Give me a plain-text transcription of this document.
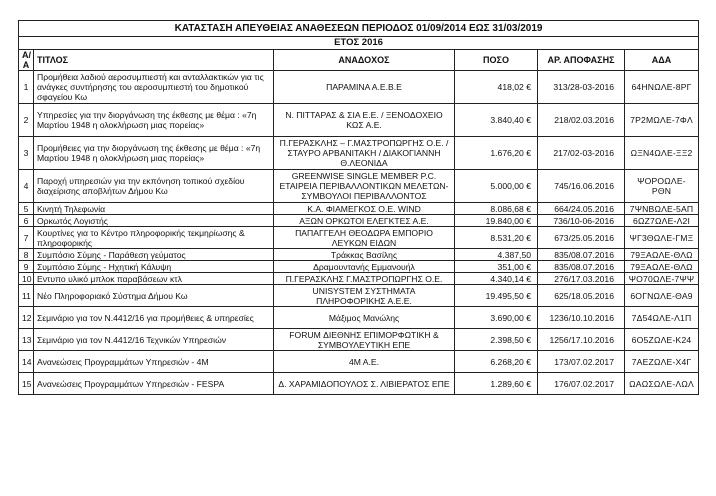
ΚΑΤΑΣΤΑΣΗ ΑΠΕΥΘΕΙΑΣ ΑΝΑΘΕΣΕΩΝ ΠΕΡΙΟΔΟΣ 01/09/2014 ΕΩΣ 31/03/2019					
ΕΤΟΣ 2016					
Α/Α	ΤΙΤΛΟΣ	ΑΝΑΔΟΧΟΣ	ΠΟΣΟ	ΑΡ. ΑΠΟΦΑΣΗΣ	ΑΔΑ
1	Προμήθεια λαδιού αεροσυμπιεστή και ανταλλακτικών για τις ανάγκες συντήρησης του αεροσυμπιεστή του δημοτικού σφαγείου Κω	ΠΑΡΑΜΙΝΑ Α.Ε.Β.Ε	418,02 €	313/28-03-2016	64ΗΝΩΛΕ-8ΡΓ
2	Υπηρεσίες για την διοργάνωση της έκθεσης με θέμα : «7η Μαρτίου 1948 η ολοκλήρωση μιας πορείας»	Ν. ΠΙΤΤΑΡΑΣ & ΣΙΑ Ε.Ε. / ΞΕΝΟΔΟΧΕΙΟ ΚΩΣ Α.Ε.	3.840,40 €	218/02.03.2016	7Ρ2ΜΩΛΕ-7ΦΛ
3	Προμήθειες για την διοργάνωση της έκθεσης με θέμα : «7η Μαρτίου 1948 η ολοκλήρωση μιας πορείας»	Π.ΓΕΡΑΣΚΛΗΣ – Γ.ΜΑΣΤΡΟΠΩΡΓΗΣ Ο.Ε. / ΣΤΑΥΡΟ ΑΡΒΑΝΙΤΑΚΗ / ΔΙΑΚΟΓΙΑΝΝΗ Θ.ΛΕΟΝΙΔΑ	1.676,20 €	217/02-03-2016	ΩΞΝ4ΩΛΕ-ΞΞ2
4	Παροχή υπηρεσιών για την εκπόνηση τοπικού σχεδίου διαχείρισης αποβλήτων Δήμου Κω	GREENWISE SINGLE MEMBER P.C. ΕΤΑΙΡΕΙΑ ΠΕΡΙΒΑΛΛΟΝΤΙΚΩΝ ΜΕΛΕΤΩΝ- ΣΥΜΒΟΥΛΟΙ ΠΕΡΙΒΑΛΛΟΝΤΟΣ	5.000,00 €	745/16.06.2016	ΨΟΡΟΩΛΕ-ΡΘΝ
5	Κινητή Τηλεφωνία	Κ.Α. ΦΙΑΜΕΓΚΟΣ Ο.Ε. WIND	8.086,68 €	664/24.05.2016	7ΨΝΒΩΛΕ-5ΑΠ
6	Ορκωτός Λογιστής	ΑΞΩΝ ΟΡΚΩΤΟΙ ΕΛΕΓΚΤΕΣ Α.Ε.	19.840,00 €	736/10-06-2016	6ΩΖ7ΩΛΕ-Λ2Ι
7	Κουρτίνες για το Κέντρο πληροφορικής τεκμηρίωσης & πληροφορικής	ΠΑΠΑΓΓΕΛΗ ΘΕΟΔΩΡΑ ΕΜΠΟΡΙΟ ΛΕΥΚΩΝ ΕΙΔΩΝ	8.531,20 €	673/25.05.2016	ΨΓ3ΘΩΛΕ-ΓΜΞ
8	Συμπόσιο Σύμης - Παράθεση γεύματος	Τράκκας Βασίλης	4.387,50	835/08.07.2016	79ΞΑΩΛΕ-ΘΛΩ
9	Συμπόσιο Σύμης - Ηχητική Κάλυψη	Δραμουντανής Εμμανουήλ	351,00 €	835/08.07.2016	79ΞΑΩΛΕ-ΘΛΩ
10	Εντυπο υλικό μπλοκ παραβάσεων κτλ	Π.ΓΕΡΑΣΚΛΗΣ Γ.ΜΑΣΤΡΟΠΩΡΓΗΣ Ο.Ε.	4.340,14 €	276/17.03.2016	ΨΟ70ΩΛΕ-7ΨΨ
11	Νέο Πληροφοριακό Σύστημα Δήμου Κω	UNISYSTEM ΣΥΣΤΗΜΑΤΑ ΠΛΗΡΟΦΟΡΙΚΗΣ Α.Ε.Ε.	19.495,50 €	625/18.05.2016	6ΟΓΝΩΛΕ-ΘΑ9
12	Σεμινάριο για τον Ν.4412/16 για προμήθειες & υπηρεσίες	Μάξιμος Μανώλης	3.690,00 €	1236/10.10.2016	7Δ54ΩΛΕ-Λ1Π
13	Σεμινάριο για τον Ν.4412/16 Τεχνικών Υπηρεσιών	FORUM ΔΙΕΘΝΗΣ ΕΠΙΜΟΡΦΩΤΙΚΗ & ΣΥΜΒΟΥΛΕΥΤΙΚΗ ΕΠΕ	2.398,50 €	1256/17.10.2016	6Ο5ΖΩΛΕ-Κ24
14	Ανανεώσεις Προγραμμάτων Υπηρεσιών - 4Μ	4Μ Α.Ε.	6.268,20 €	173/07.02.2017	7ΑΕΖΩΛΕ-Χ4Γ
15	Ανανεώσεις Προγραμμάτων Υπηρεσιών - FESPA	Δ. ΧΑΡΑΜΙΔΟΠΟΥΛΟΣ Σ. ΛΙΒΙΕΡΑΤΟΣ ΕΠΕ	1.289,60 €	176/07.02.2017	ΩΑΩΣΩΛΕ-ΛΩΛ
